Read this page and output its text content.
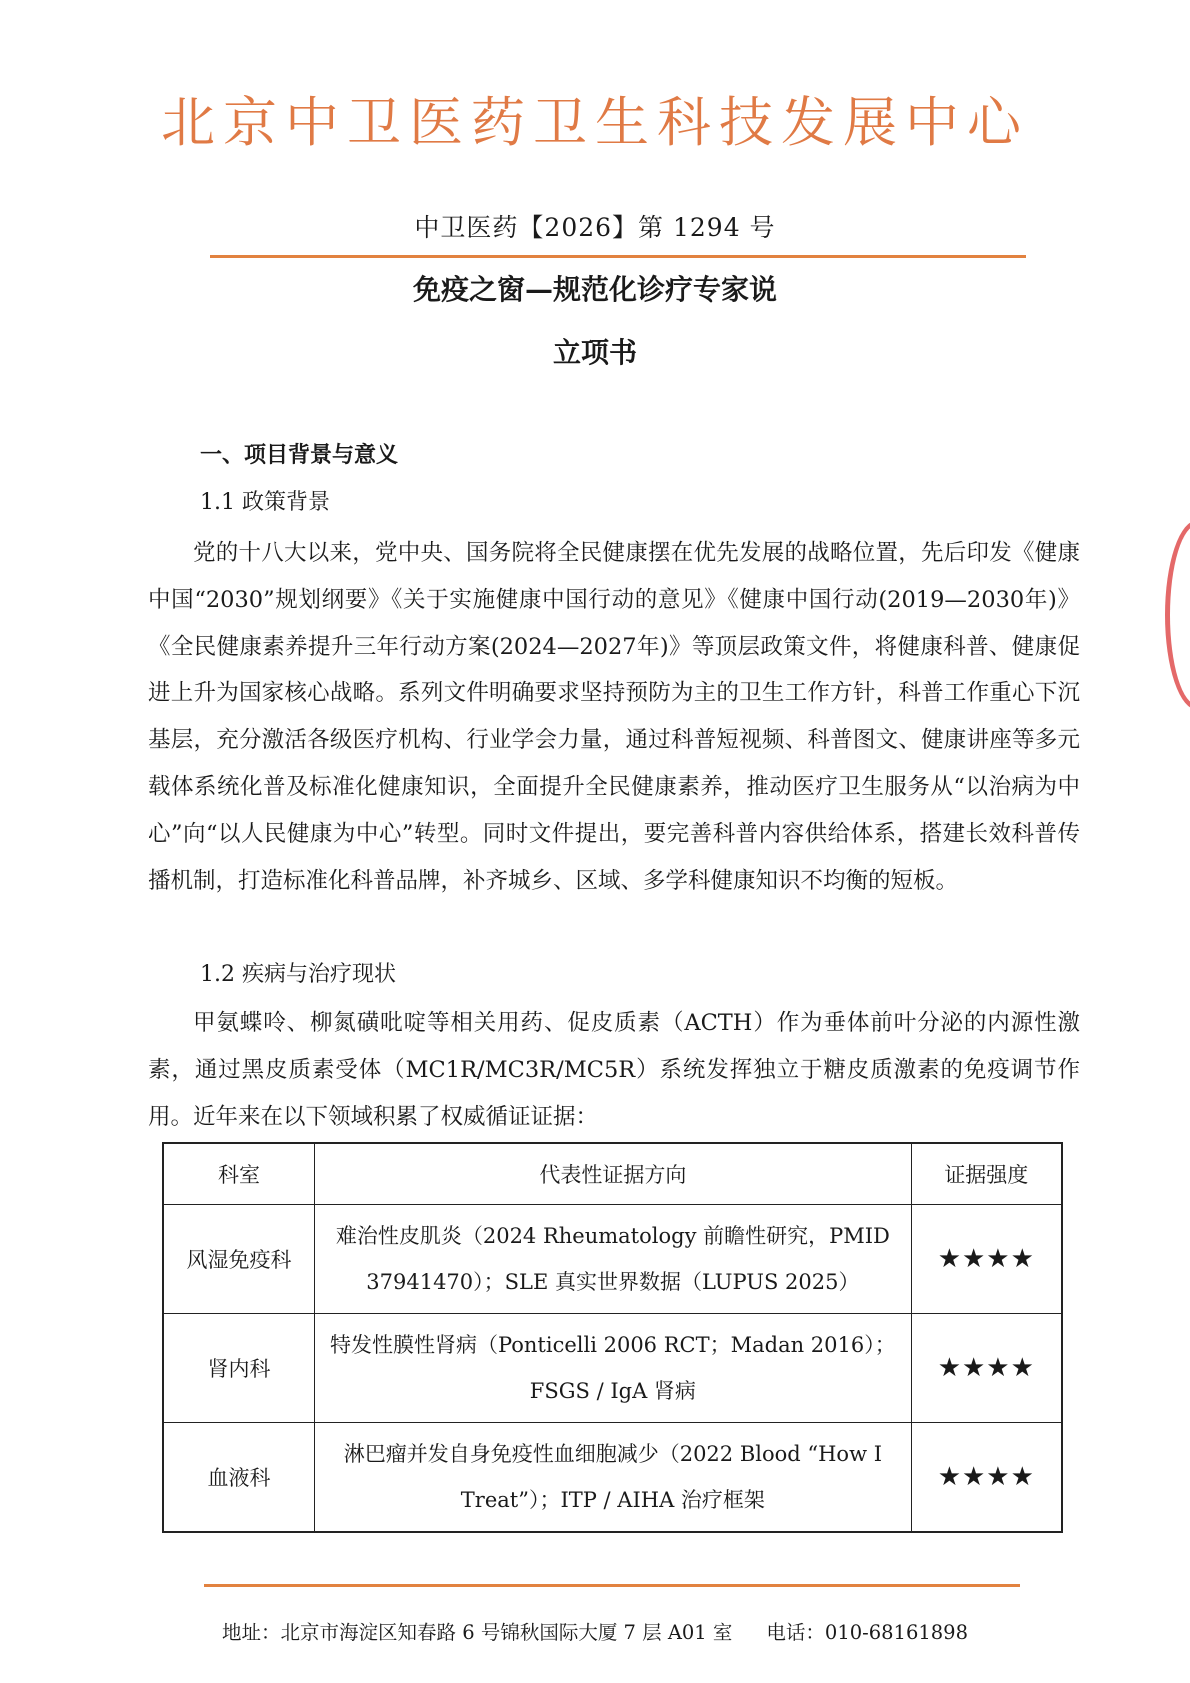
北京中卫医药卫生科技发展中心
中卫医药【2026】第 1294 号
免疫之窗—规范化诊疗专家说
立项书
一、项目背景与意义
1.1 政策背景

党的十八大以来，党中央、国务院将全民健康摆在优先发展的战略位置，先后印发《健康中国“2030”规划纲要》《关于实施健康中国行动的意见》《健康中国行动(2019—2030年)》《全民健康素养提升三年行动方案(2024—2027年)》等顶层政策文件，将健康科普、健康促进上升为国家核心战略。系列文件明确要求坚持预防为主的卫生工作方针，科普工作重心下沉基层，充分激活各级医疗机构、行业学会力量，通过科普短视频、科普图文、健康讲座等多元载体系统化普及标准化健康知识，全面提升全民健康素养，推动医疗卫生服务从“以治病为中心”向“以人民健康为中心”转型。同时文件提出，要完善科普内容供给体系，搭建长效科普传播机制，打造标准化科普品牌，补齐城乡、区域、多学科健康知识不均衡的短板。

1.2 疾病与治疗现状

甲氨蝶呤、柳氮磺吡啶等相关用药、促皮质素（ACTH）作为垂体前叶分泌的内源性激素，通过黑皮质素受体（MC1R/MC3R/MC5R）系统发挥独立于糖皮质激素的免疫调节作用。近年来在以下领域积累了权威循证证据：

科室	代表性证据方向	证据强度
风湿免疫科	难治性皮肌炎（2024 Rheumatology 前瞻性研究，PMID
37941470）；SLE 真实世界数据（LUPUS 2025）	★★★★
肾内科	特发性膜性肾病（Ponticelli 2006 RCT；Madan 2016）；
FSGS / IgA 肾病	★★★★
血液科	淋巴瘤并发自身免疫性血细胞减少（2022 Blood “How I
Treat”）；ITP / AIHA 治疗框架	★★★★
地址：北京市海淀区知春路 6 号锦秋国际大厦 7 层 A01 室 电话：010-68161898
